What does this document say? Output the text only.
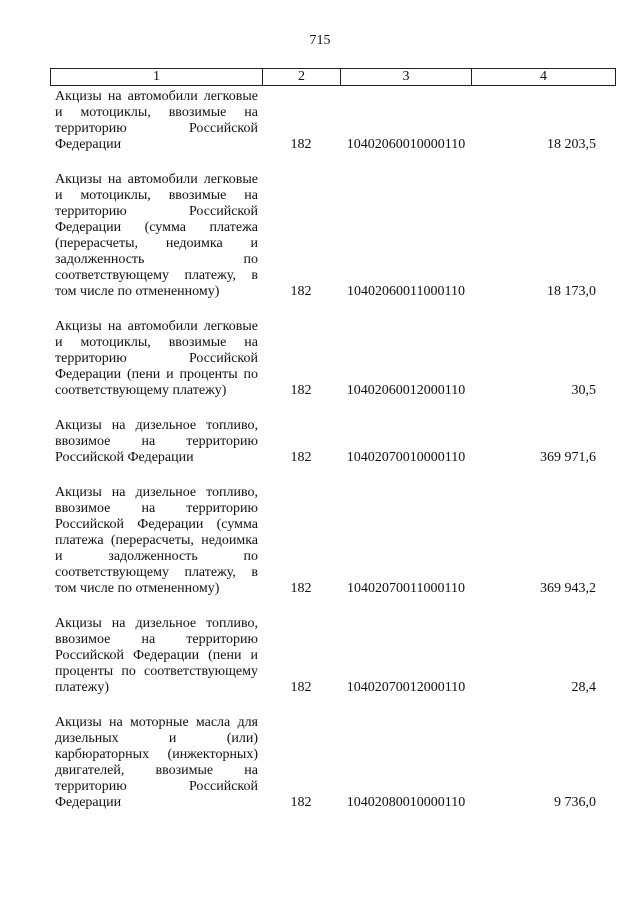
715
1	2	3	4
Акцизы на автомобили легковые и мотоциклы, ввозимые на территорию Российской Федерации	182	10402060010000110	18 203,5
Акцизы на автомобили легковые и мотоциклы, ввозимые на территорию Российской Федерации (сумма платежа (перерасчеты, недоимка и задолженность по соответствующему платежу, в том числе по отмененному)	182	10402060011000110	18 173,0
Акцизы на автомобили легковые и мотоциклы, ввозимые на территорию Российской Федерации (пени и проценты по соответствующему платежу)	182	10402060012000110	30,5
Акцизы на дизельное топливо, ввозимое на территорию Российской Федерации	182	10402070010000110	369 971,6
Акцизы на дизельное топливо, ввозимое на территорию Российской Федерации (сумма платежа (перерасчеты, недоимка и задолженность по соответствующему платежу, в том числе по отмененному)	182	10402070011000110	369 943,2
Акцизы на дизельное топливо, ввозимое на территорию Российской Федерации (пени и проценты по соответствующему платежу)	182	10402070012000110	28,4
Акцизы на моторные масла для дизельных и (или) карбюраторных (инжекторных) двигателей, ввозимые на территорию Российской Федерации	182	10402080010000110	9 736,0
